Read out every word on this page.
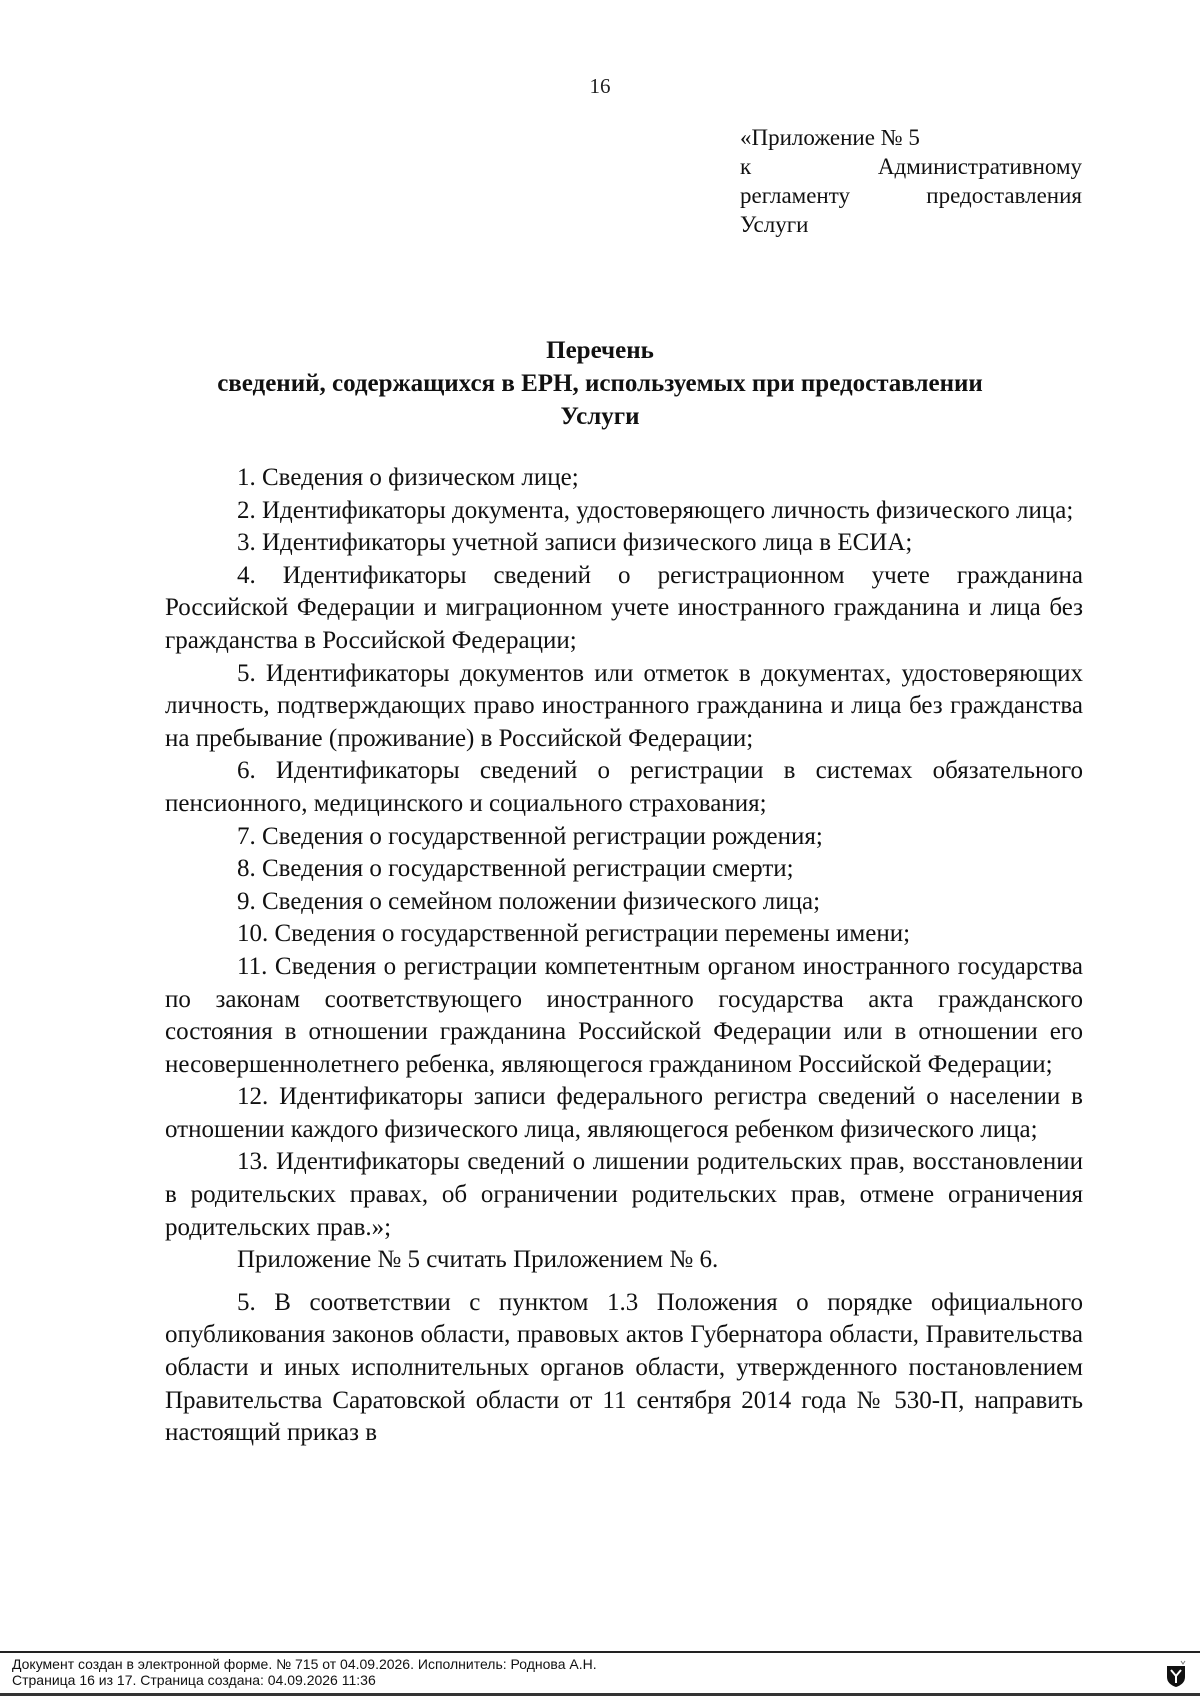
16
«Приложение № 5
к Административному
регламенту предоставления
Услуги
Перечень
сведений, содержащихся в ЕРН, используемых при предоставлении
Услуги

1. Сведения о физическом лице;

2. Идентификаторы документа, удостоверяющего личность физического лица;

3. Идентификаторы учетной записи физического лица в ЕСИА;

4. Идентификаторы сведений о регистрационном учете гражданина Российской Федерации и миграционном учете иностранного гражданина и лица без гражданства в Российской Федерации;

5. Идентификаторы документов или отметок в документах, удостоверяющих личность, подтверждающих право иностранного гражданина и лица без гражданства на пребывание (проживание) в Российской Федерации;

6. Идентификаторы сведений о регистрации в системах обязательного пенсионного, медицинского и социального страхования;

7. Сведения о государственной регистрации рождения;

8. Сведения о государственной регистрации смерти;

9. Сведения о семейном положении физического лица;

10. Сведения о государственной регистрации перемены имени;

11. Сведения о регистрации компетентным органом иностранного государства по законам соответствующего иностранного государства акта гражданского состояния в отношении гражданина Российской Федерации или в отношении его несовершеннолетнего ребенка, являющегося гражданином Российской Федерации;

12. Идентификаторы записи федерального регистра сведений о населении в отношении каждого физического лица, являющегося ребенком физического лица;

13. Идентификаторы сведений о лишении родительских прав, восстановлении в родительских правах, об ограничении родительских прав, отмене ограничения родительских прав.»;

Приложение № 5 считать Приложением № 6.

5. В соответствии с пунктом 1.3 Положения о порядке официального опубликования законов области, правовых актов Губернатора области, Правительства области и иных исполнительных органов области, утвержденного постановлением Правительства Саратовской области от 11 сентября 2014 года № 530-П, направить настоящий приказ в

Документ создан в электронной форме. № 715 от 04.09.2026. Исполнитель: Роднова А.Н.
Страница 16 из 17. Страница создана: 04.09.2026 11:36
